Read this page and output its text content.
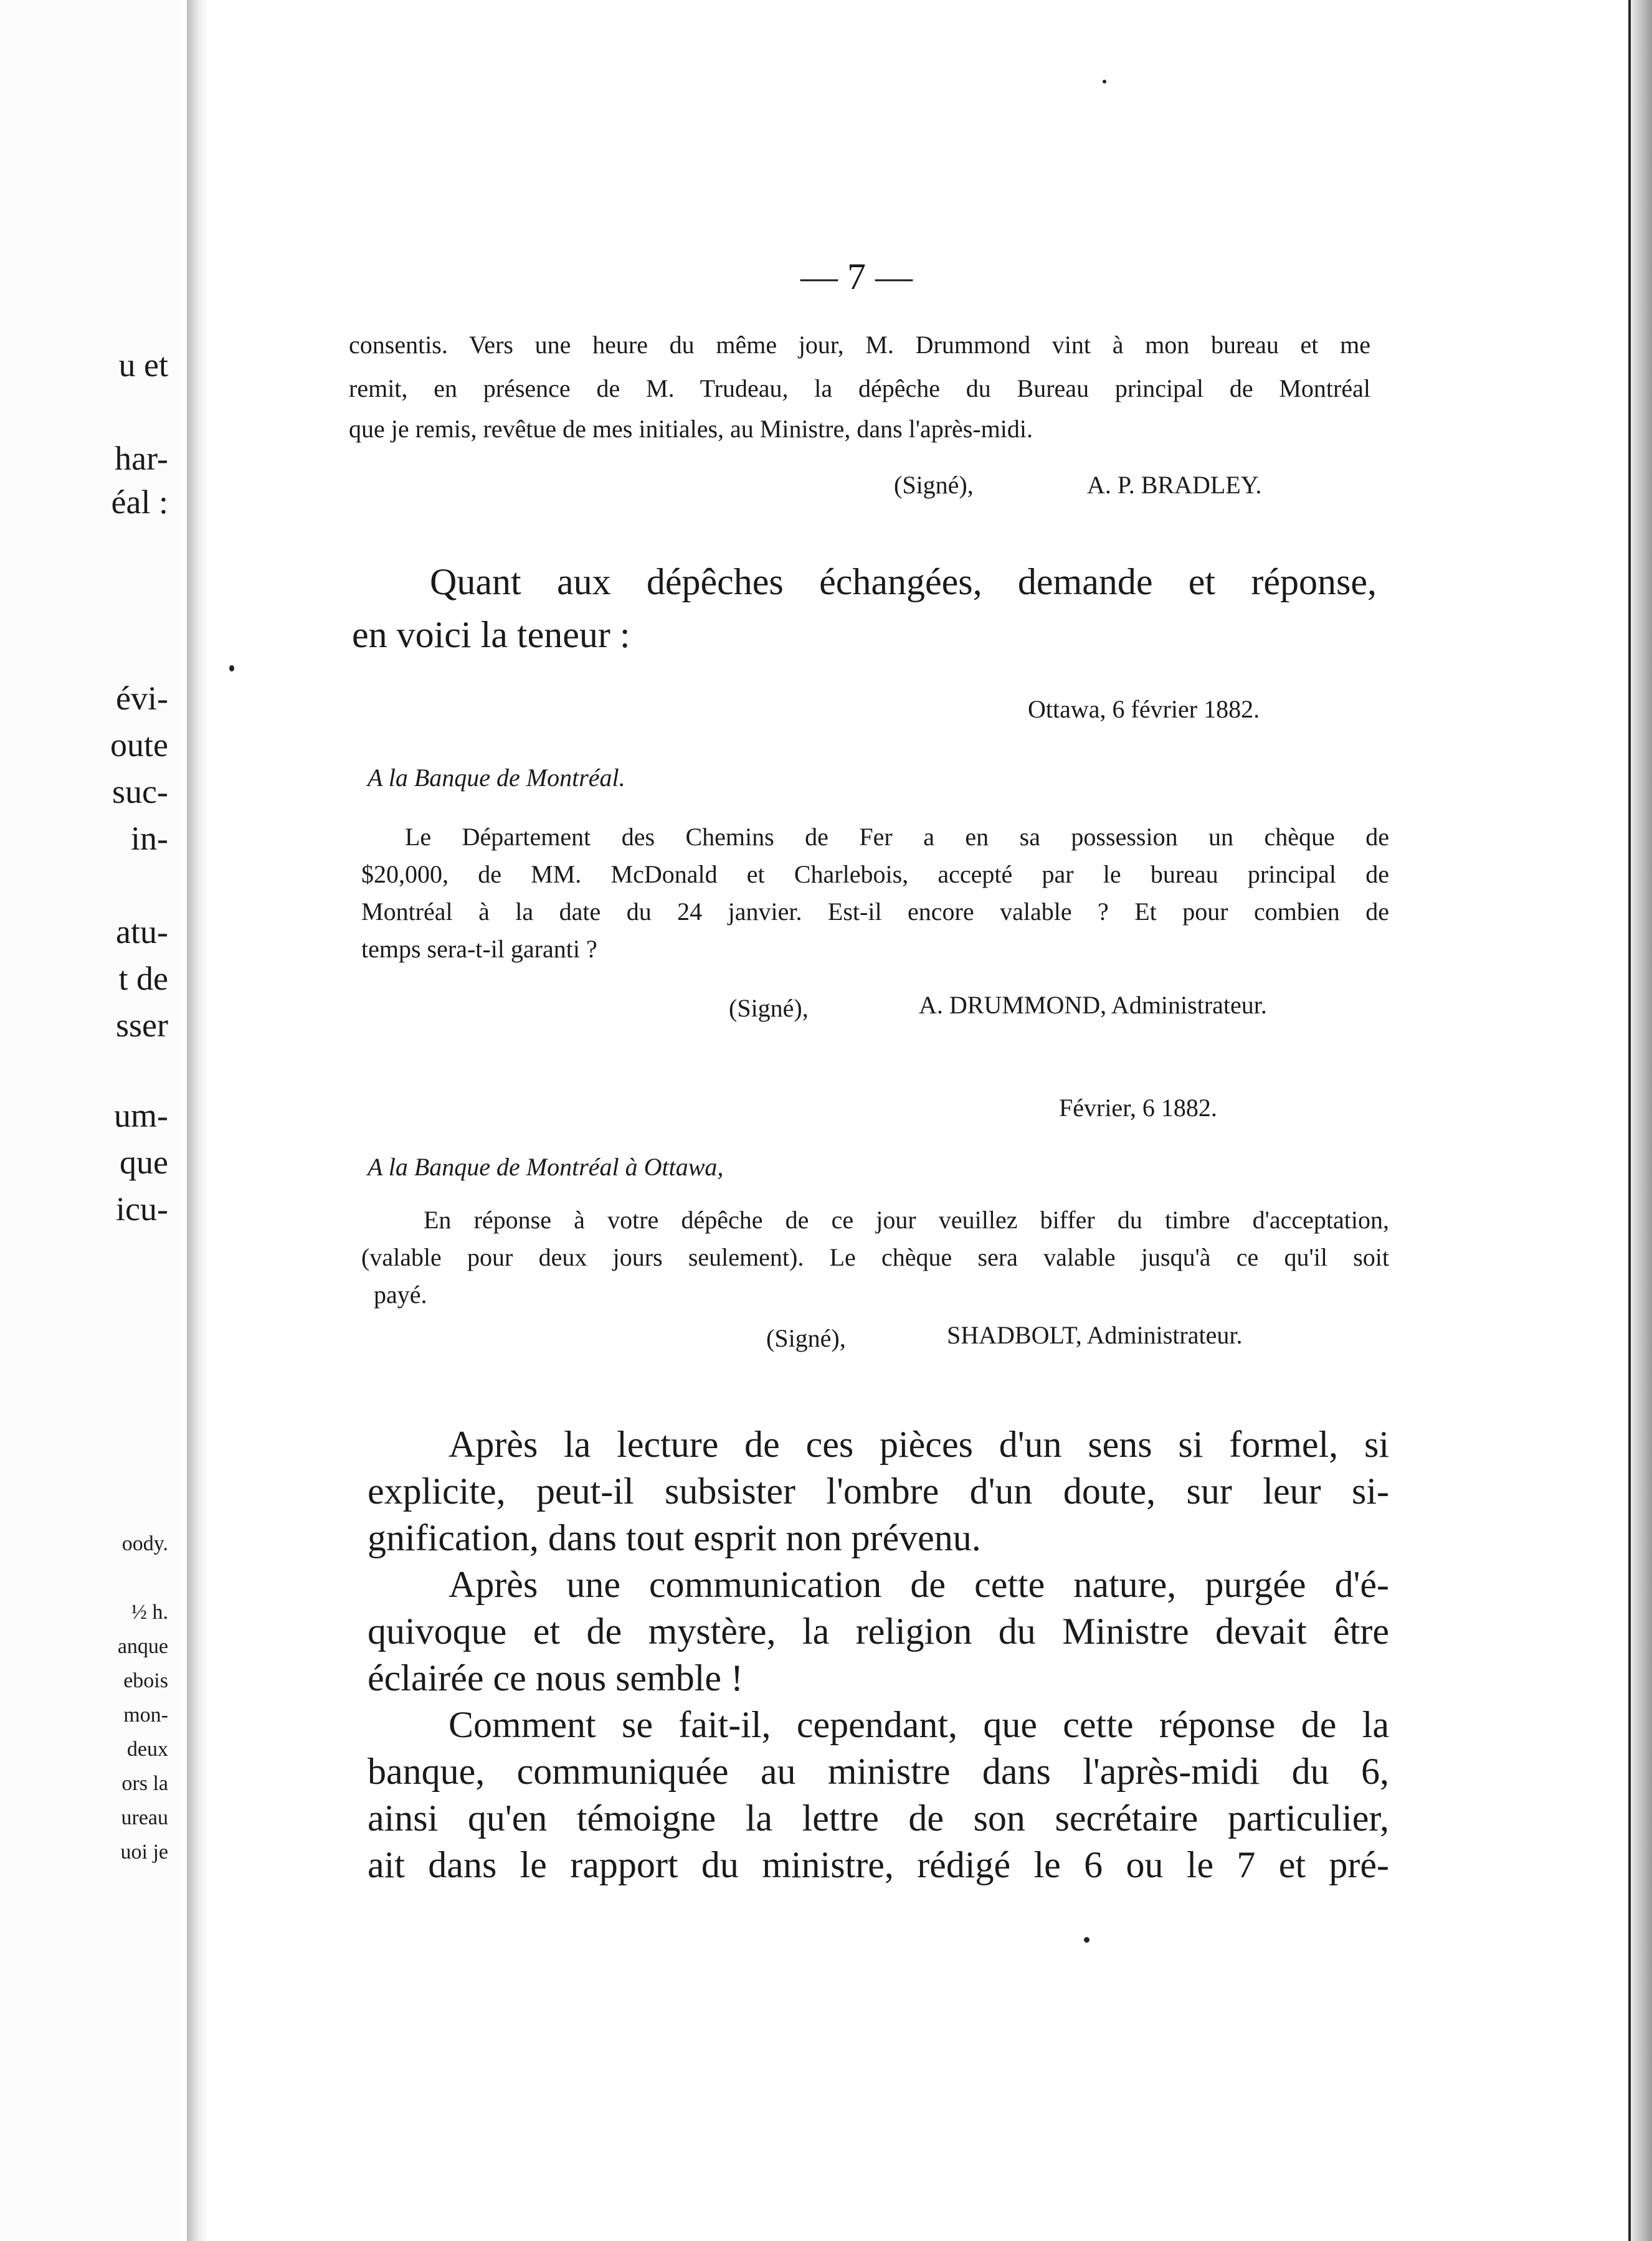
u et
har-
éal :
évi-
oute
suc-
in-
atu-
t de
sser
um-
que
icu-
oody.
½ h.
anque
ebois
mon-
deux
ors la
ureau
uoi je
— 7 —
consentis. Vers une heure du même jour, M. Drummond vint à mon bureau et me
remit, en présence de M. Trudeau, la dépêche du Bureau principal de Montréal
que je remis, revêtue de mes initiales, au Ministre, dans l'après-midi.
(Signé),	A. P. BRADLEY.
Quant aux dépêches échangées, demande et réponse,
en voici la teneur :
Ottawa, 6 février 1882.
A la Banque de Montréal.
Le Département des Chemins de Fer a en sa possession un chèque de
$20,000, de MM. McDonald et Charlebois, accepté par le bureau principal de
Montréal à la date du 24 janvier. Est-il encore valable ? Et pour combien de
temps sera-t-il garanti ?
(Signé),	A. DRUMMOND, Administrateur.
Février, 6 1882.
A la Banque de Montréal à Ottawa,
En réponse à votre dépêche de ce jour veuillez biffer du timbre d'acceptation,
(valable pour deux jours seulement). Le chèque sera valable jusqu'à ce qu'il soit
payé.
(Signé),	SHADBOLT, Administrateur.
Après la lecture de ces pièces d'un sens si formel, si
explicite, peut-il subsister l'ombre d'un doute, sur leur si-
gnification, dans tout esprit non prévenu.
Après une communication de cette nature, purgée d'é-
quivoque et de mystère, la religion du Ministre devait être
éclairée ce nous semble !
Comment se fait-il, cependant, que cette réponse de la
banque, communiquée au ministre dans l'après-midi du 6,
ainsi qu'en témoigne la lettre de son secrétaire particulier,
ait dans le rapport du ministre, rédigé le 6 ou le 7 et pré-
